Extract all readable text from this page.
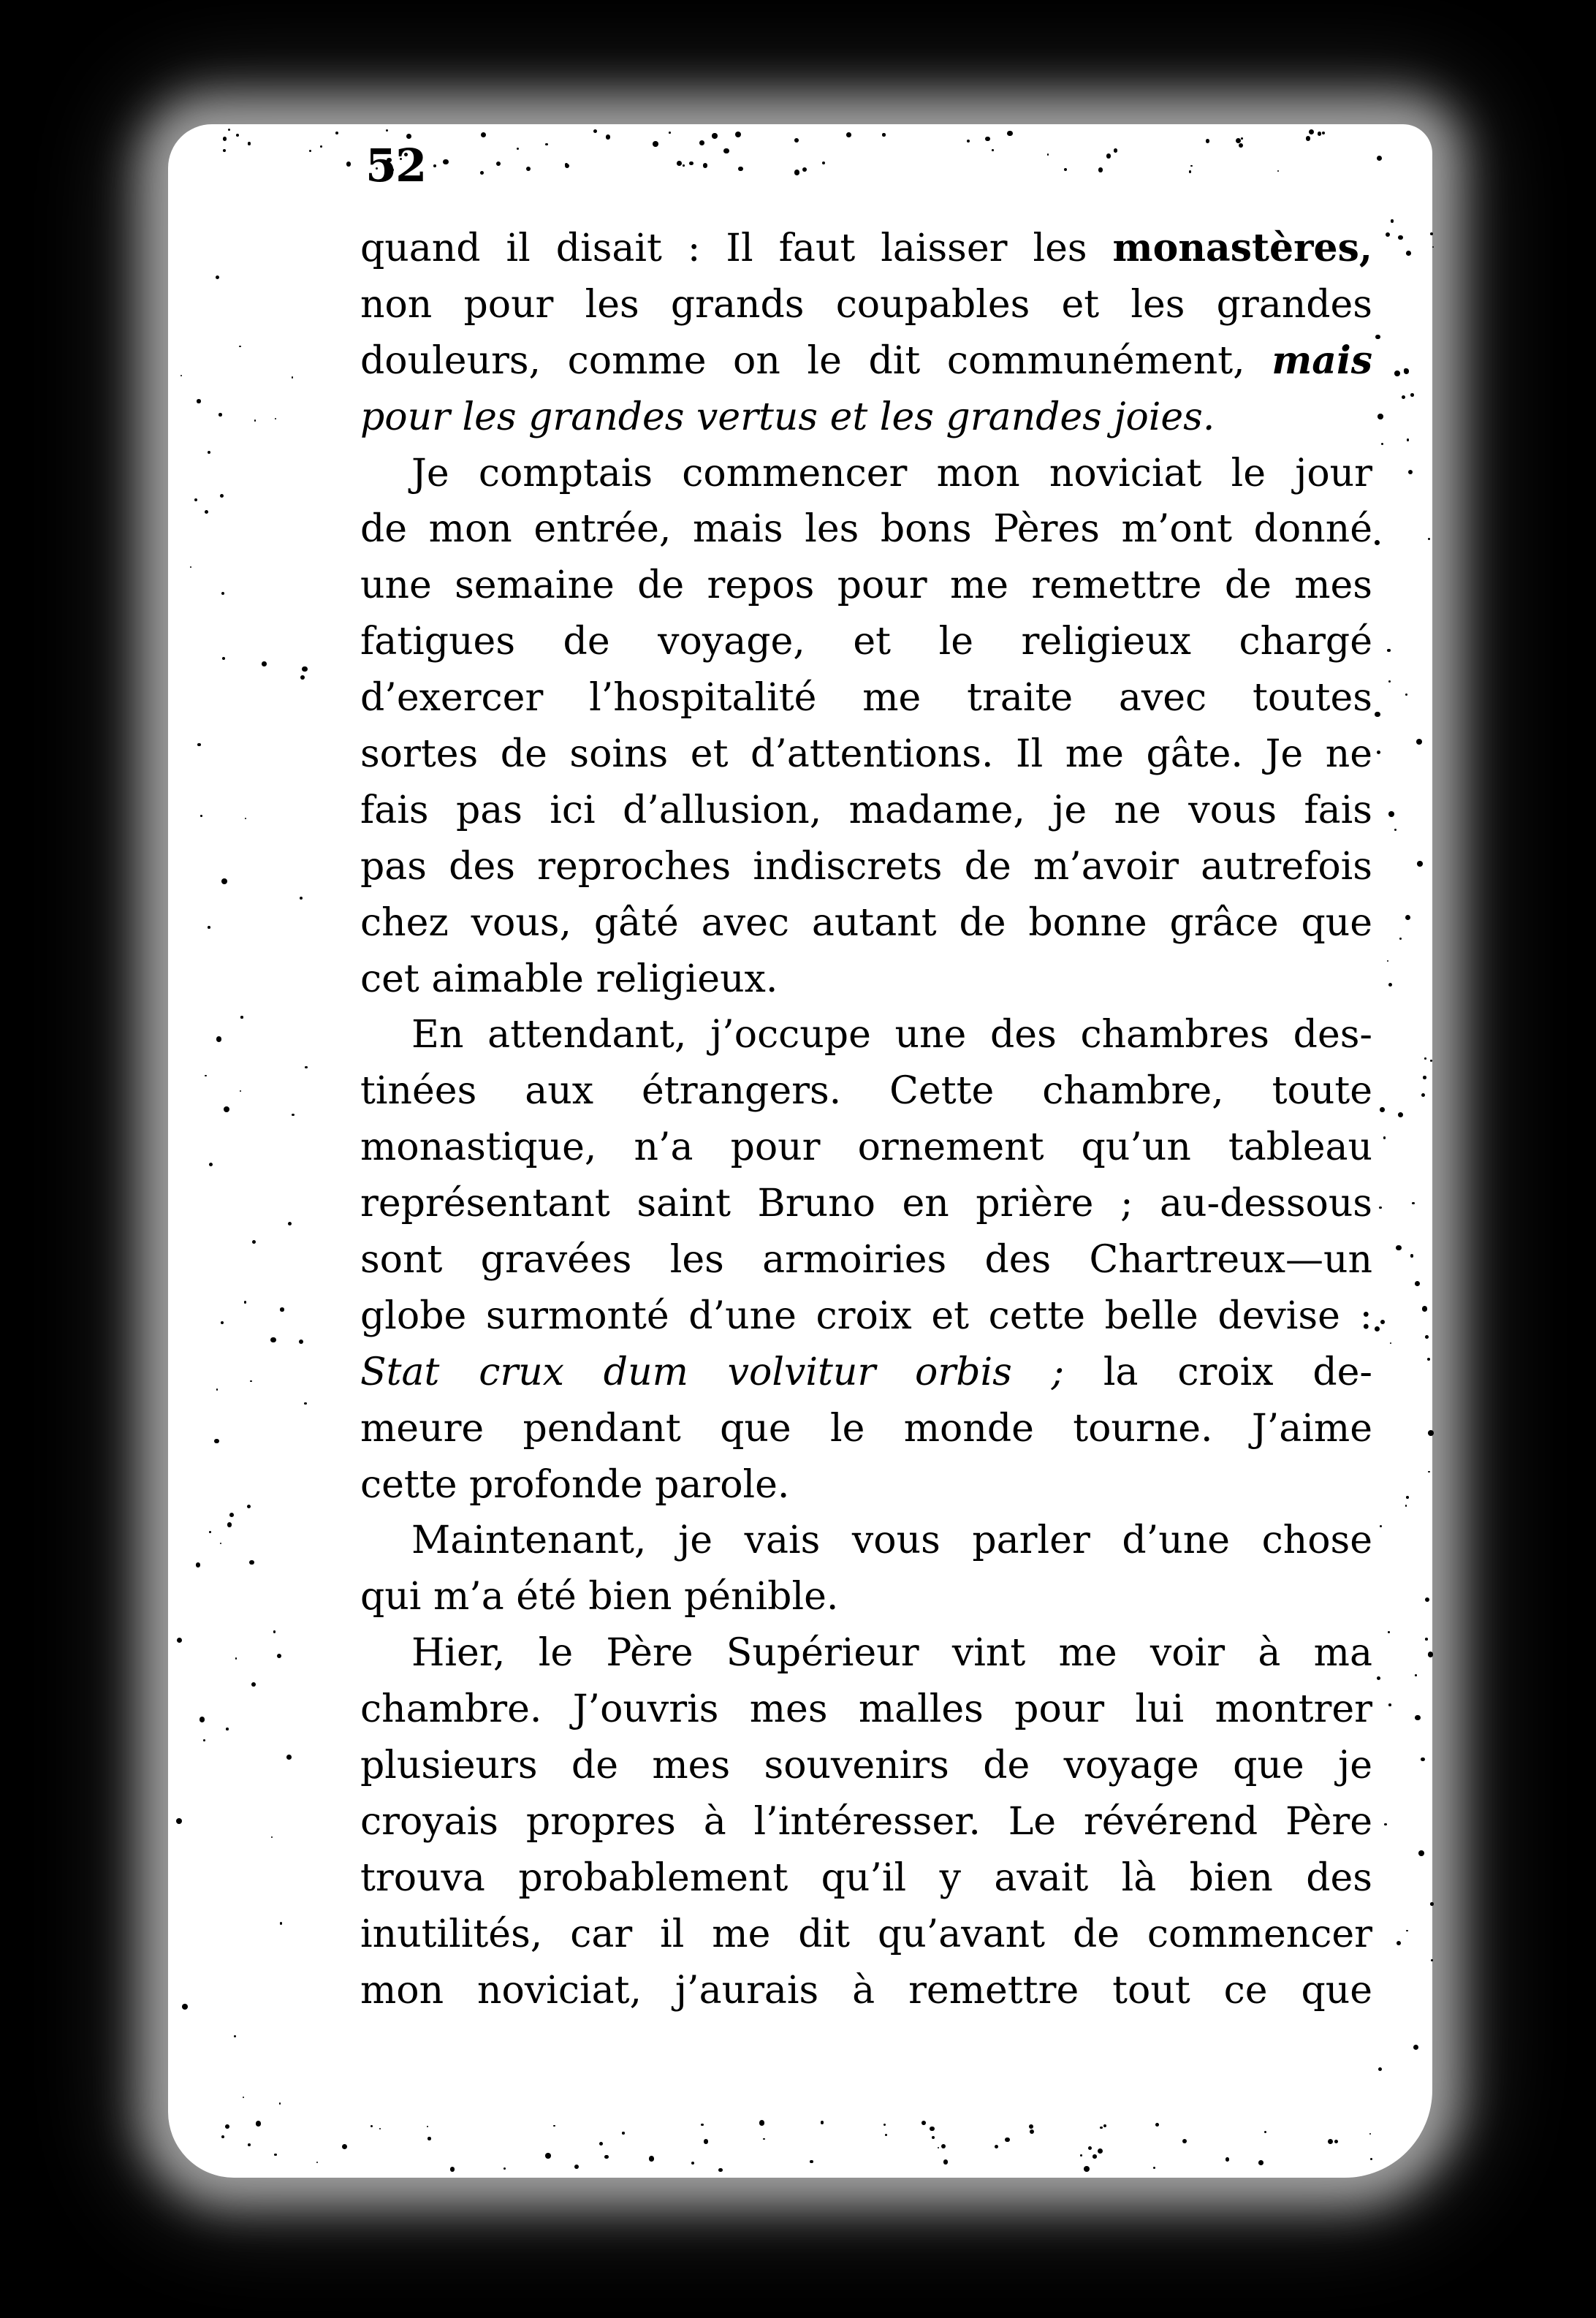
52
quand il disait : Il faut laisser les monastères,
non pour les grands coupables et les grandes
douleurs, comme on le dit communément, mais
pour les grandes vertus et les grandes joies.
Je comptais commencer mon noviciat le jour
de mon entrée, mais les bons Pères m’ont donné
une semaine de repos pour me remettre de mes
fatigues de voyage, et le religieux chargé
d’exercer l’hospitalité me traite avec toutes
sortes de soins et d’attentions. Il me gâte. Je ne
fais pas ici d’allusion, madame, je ne vous fais
pas des reproches indiscrets de m’avoir autrefois
chez vous, gâté avec autant de bonne grâce que
cet aimable religieux.
En attendant, j’occupe une des chambres des-
tinées aux étrangers. Cette chambre, toute
monastique, n’a pour ornement qu’un tableau
représentant saint Bruno en prière ; au-dessous
sont gravées les armoiries des Chartreux—un
globe surmonté d’une croix et cette belle devise :
Stat crux dum volvitur orbis ; la croix de-
meure pendant que le monde tourne. J’aime
cette profonde parole.
Maintenant, je vais vous parler d’une chose
qui m’a été bien pénible.
Hier, le Père Supérieur vint me voir à ma
chambre. J’ouvris mes malles pour lui montrer
plusieurs de mes souvenirs de voyage que je
croyais propres à l’intéresser. Le révérend Père
trouva probablement qu’il y avait là bien des
inutilités, car il me dit qu’avant de commencer
mon noviciat, j’aurais à remettre tout ce que
